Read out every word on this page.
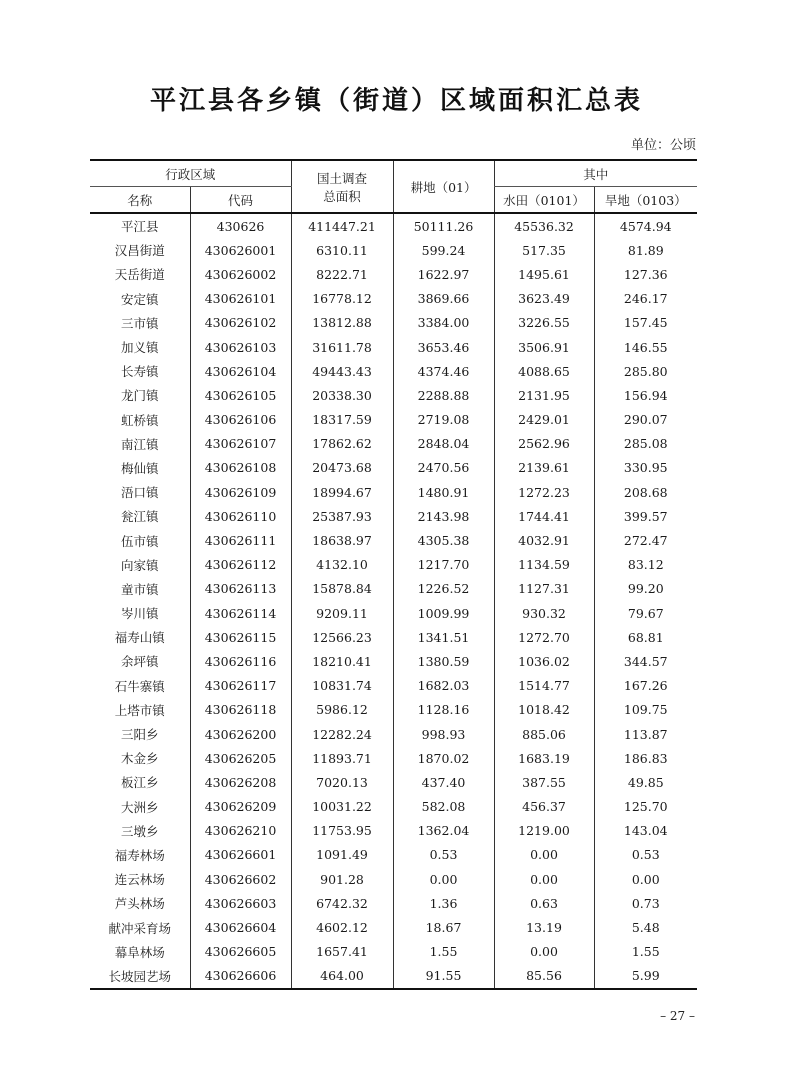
平江县各乡镇（街道）区域面积汇总表
单位：公顷
行政区域		国土调查
总面积	耕地（01）	其中	
名称	代码			水田（0101）	旱地（0103）
平江县	430626	411447.21	50111.26	45536.32	4574.94
汉昌街道	430626001	6310.11	599.24	517.35	81.89
天岳街道	430626002	8222.71	1622.97	1495.61	127.36
安定镇	430626101	16778.12	3869.66	3623.49	246.17
三市镇	430626102	13812.88	3384.00	3226.55	157.45
加义镇	430626103	31611.78	3653.46	3506.91	146.55
长寿镇	430626104	49443.43	4374.46	4088.65	285.80
龙门镇	430626105	20338.30	2288.88	2131.95	156.94
虹桥镇	430626106	18317.59	2719.08	2429.01	290.07
南江镇	430626107	17862.62	2848.04	2562.96	285.08
梅仙镇	430626108	20473.68	2470.56	2139.61	330.95
浯口镇	430626109	18994.67	1480.91	1272.23	208.68
瓮江镇	430626110	25387.93	2143.98	1744.41	399.57
伍市镇	430626111	18638.97	4305.38	4032.91	272.47
向家镇	430626112	4132.10	1217.70	1134.59	83.12
童市镇	430626113	15878.84	1226.52	1127.31	99.20
岑川镇	430626114	9209.11	1009.99	930.32	79.67
福寿山镇	430626115	12566.23	1341.51	1272.70	68.81
余坪镇	430626116	18210.41	1380.59	1036.02	344.57
石牛寨镇	430626117	10831.74	1682.03	1514.77	167.26
上塔市镇	430626118	5986.12	1128.16	1018.42	109.75
三阳乡	430626200	12282.24	998.93	885.06	113.87
木金乡	430626205	11893.71	1870.02	1683.19	186.83
板江乡	430626208	7020.13	437.40	387.55	49.85
大洲乡	430626209	10031.22	582.08	456.37	125.70
三墩乡	430626210	11753.95	1362.04	1219.00	143.04
福寿林场	430626601	1091.49	0.53	0.00	0.53
连云林场	430626602	901.28	0.00	0.00	0.00
芦头林场	430626603	6742.32	1.36	0.63	0.73
献冲采育场	430626604	4602.12	18.67	13.19	5.48
幕阜林场	430626605	1657.41	1.55	0.00	1.55
长坡园艺场	430626606	464.00	91.55	85.56	5.99
– 27 –
